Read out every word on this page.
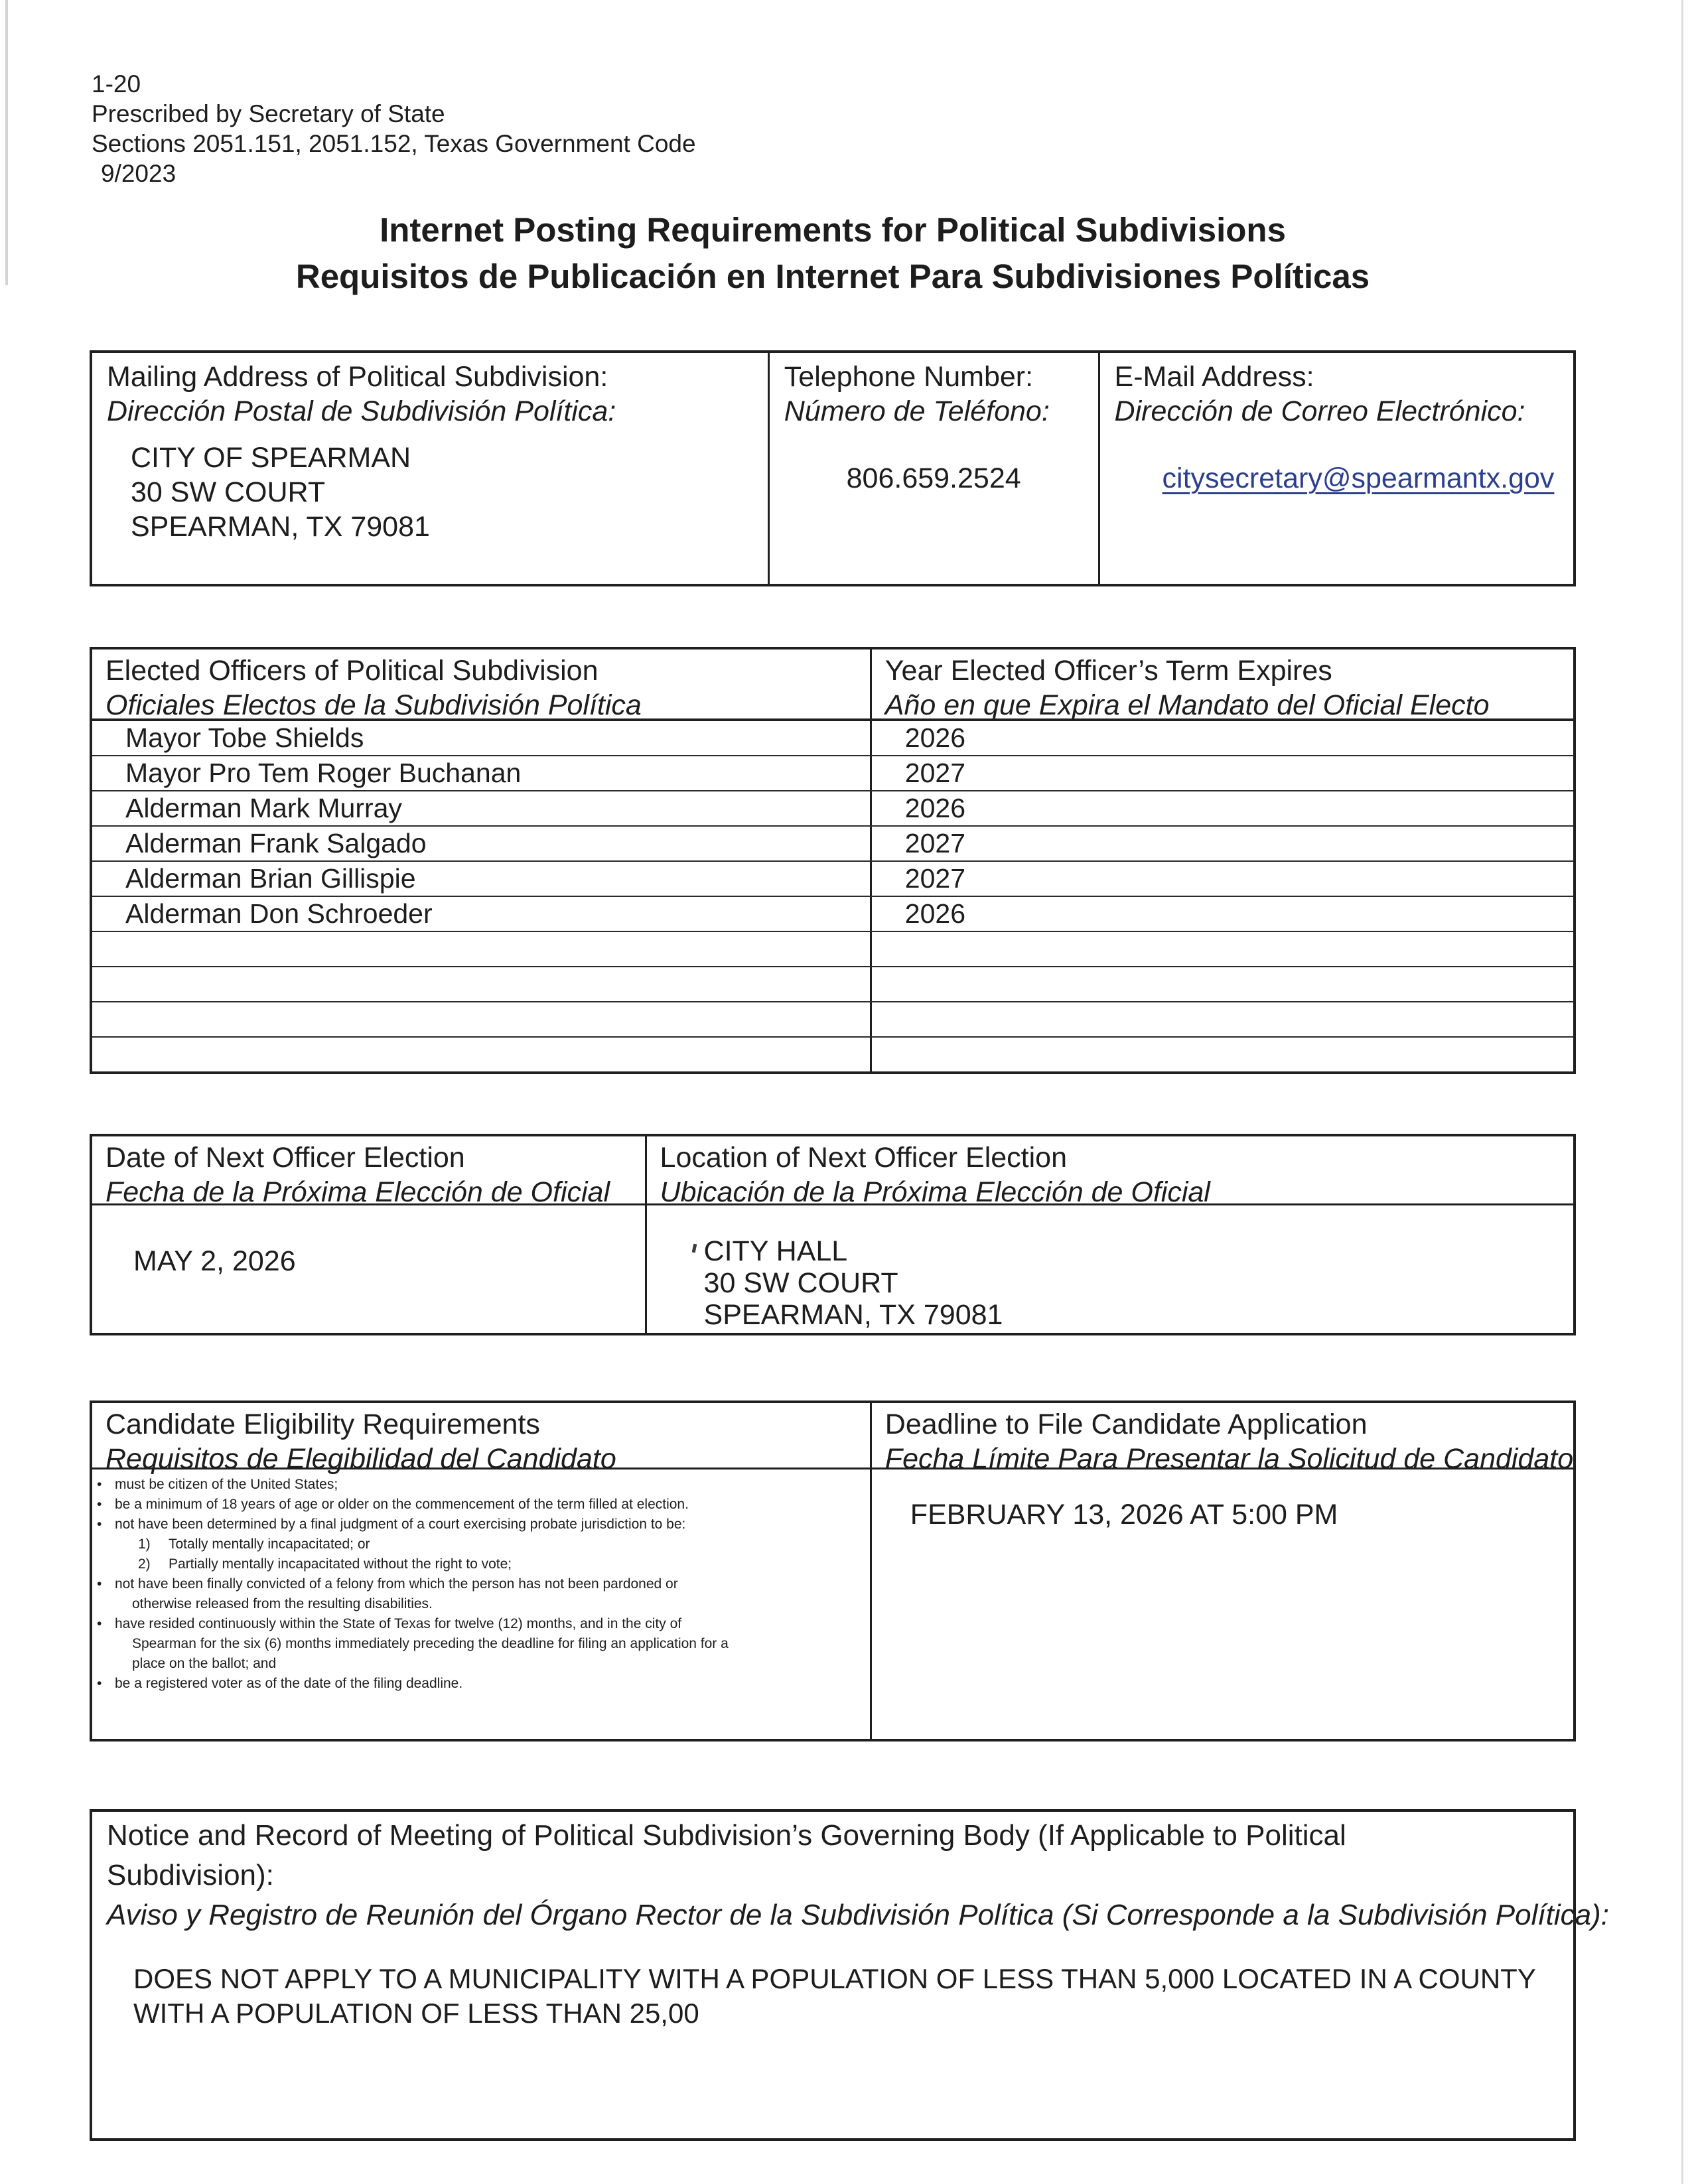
1-20
Prescribed by Secretary of State
Sections 2051.151, 2051.152, Texas Government Code
9/2023
Internet Posting Requirements for Political Subdivisions
Requisitos de Publicación en Internet Para Subdivisiones Políticas
Mailing Address of Political Subdivision:
Dirección Postal de Subdivisión Política:
CITY OF SPEARMAN
30 SW COURT
SPEARMAN, TX 79081
Telephone Number:
Número de Teléfono:
806.659.2524
E-Mail Address:
Dirección de Correo Electrónico:
citysecretary@spearmantx.gov
Elected Officers of Political Subdivision
Oficiales Electos de la Subdivisión Política
Year Elected Officer’s Term Expires
Año en que Expira el Mandato del Oficial Electo
Mayor Tobe Shields	2026
Mayor Pro Tem Roger Buchanan	2027
Alderman Mark Murray	2026
Alderman Frank Salgado	2027
Alderman Brian Gillispie	2027
Alderman Don Schroeder	2026
Date of Next Officer Election
Fecha de la Próxima Elección de Oficial
Location of Next Officer Election
Ubicación de la Próxima Elección de Oficial
MAY 2, 2026	CITY HALL
30 SW COURT
SPEARMAN, TX 79081
Candidate Eligibility Requirements
Requisitos de Elegibilidad del Candidato
Deadline to File Candidate Application
Fecha Límite Para Presentar la Solicitud de Candidato
• must be citizen of the United States;
• be a minimum of 18 years of age or older on the commencement of the term filled at election.
• not have been determined by a final judgment of a court exercising probate jurisdiction to be:
1)	Totally mentally incapacitated; or
2)	Partially mentally incapacitated without the right to vote;
• not have been finally convicted of a felony from which the person has not been pardoned or
otherwise released from the resulting disabilities.
• have resided continuously within the State of Texas for twelve (12) months, and in the city of
Spearman for the six (6) months immediately preceding the deadline for filing an application for a
place on the ballot; and
• be a registered voter as of the date of the filing deadline.
FEBRUARY 13, 2026 AT 5:00 PM
Notice and Record of Meeting of Political Subdivision’s Governing Body (If Applicable to Political
Subdivision):
Aviso y Registro de Reunión del Órgano Rector de la Subdivisión Política (Si Corresponde a la Subdivisión Política):
DOES NOT APPLY TO A MUNICIPALITY WITH A POPULATION OF LESS THAN 5,000 LOCATED IN A COUNTY
WITH A POPULATION OF LESS THAN 25,00
